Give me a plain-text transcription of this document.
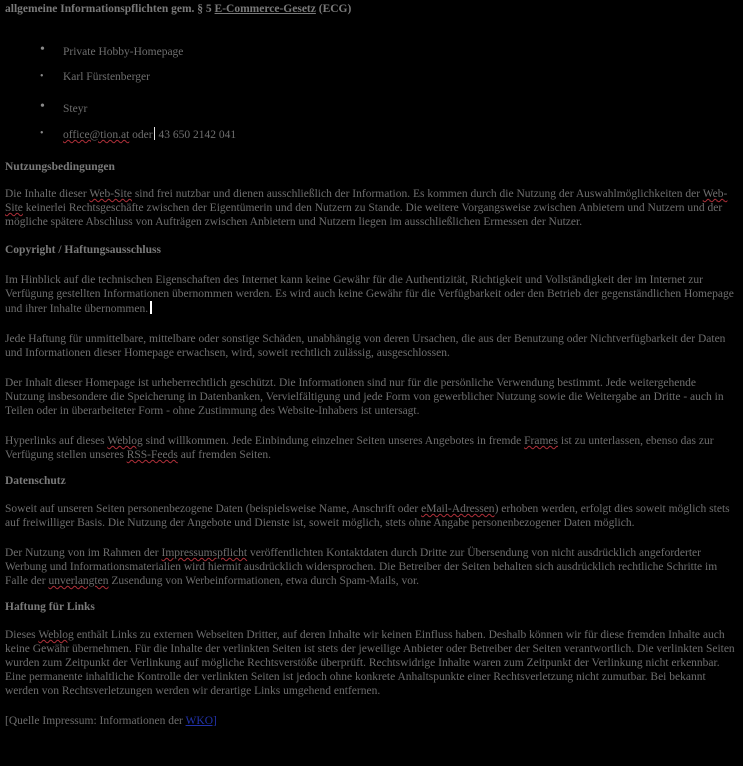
allgemeine Informationspflichten gem. § 5 E-Commerce-Gesetz (ECG)
• Private Hobby-Homepage
• Karl Fürstenberger
• Steyr
• office@tion.at oder 43 650 2142 041

Nutzungsbedingungen

Die Inhalte dieser Web-Site sind frei nutzbar und dienen ausschließlich der Information. Es kommen durch die Nutzung der Auswahlmöglichkeiten der Web-Site keinerlei Rechtsgeschäfte zwischen der Eigentümerin und den Nutzern zu Stande. Die weitere Vorgangsweise zwischen Anbietern und Nutzern und der mögliche spätere Abschluss von Aufträgen zwischen Anbietern und Nutzern liegen im ausschließlichen Ermessen der Nutzer.

Copyright / Haftungsausschluss

Im Hinblick auf die technischen Eigenschaften des Internet kann keine Gewähr für die Authentizität, Richtigkeit und Vollständigkeit der im Internet zur Verfügung gestellten Informationen übernommen werden. Es wird auch keine Gewähr für die Verfügbarkeit oder den Betrieb der gegenständlichen Homepage und ihrer Inhalte übernommen.

Jede Haftung für unmittelbare, mittelbare oder sonstige Schäden, unabhängig von deren Ursachen, die aus der Benutzung oder Nichtverfügbarkeit der Daten und Informationen dieser Homepage erwachsen, wird, soweit rechtlich zulässig, ausgeschlossen.

Der Inhalt dieser Homepage ist urheberrechtlich geschützt. Die Informationen sind nur für die persönliche Verwendung bestimmt. Jede weitergehende Nutzung insbesondere die Speicherung in Datenbanken, Vervielfältigung und jede Form von gewerblicher Nutzung sowie die Weitergabe an Dritte - auch in Teilen oder in überarbeiteter Form - ohne Zustimmung des Website-Inhabers ist untersagt.

Hyperlinks auf dieses Weblog sind willkommen. Jede Einbindung einzelner Seiten unseres Angebotes in fremde Frames ist zu unterlassen, ebenso das zur Verfügung stellen unseres RSS-Feeds auf fremden Seiten.

Datenschutz

Soweit auf unseren Seiten personenbezogene Daten (beispielsweise Name, Anschrift oder eMail-Adressen) erhoben werden, erfolgt dies soweit möglich stets auf freiwilliger Basis. Die Nutzung der Angebote und Dienste ist, soweit möglich, stets ohne Angabe personenbezogener Daten möglich.

Der Nutzung von im Rahmen der Impressumspflicht veröffentlichten Kontaktdaten durch Dritte zur Übersendung von nicht ausdrücklich angeforderter Werbung und Informationsmaterialien wird hiermit ausdrücklich widersprochen. Die Betreiber der Seiten behalten sich ausdrücklich rechtliche Schritte im Falle der unverlangten Zusendung von Werbeinformationen, etwa durch Spam-Mails, vor.

Haftung für Links

Dieses Weblog enthält Links zu externen Webseiten Dritter, auf deren Inhalte wir keinen Einfluss haben. Deshalb können wir für diese fremden Inhalte auch keine Gewähr übernehmen. Für die Inhalte der verlinkten Seiten ist stets der jeweilige Anbieter oder Betreiber der Seiten verantwortlich. Die verlinkten Seiten wurden zum Zeitpunkt der Verlinkung auf mögliche Rechtsverstöße überprüft. Rechtswidrige Inhalte waren zum Zeitpunkt der Verlinkung nicht erkennbar. Eine permanente inhaltliche Kontrolle der verlinkten Seiten ist jedoch ohne konkrete Anhaltspunkte einer Rechtsverletzung nicht zumutbar. Bei bekannt werden von Rechtsverletzungen werden wir derartige Links umgehend entfernen.

[Quelle Impressum: Informationen der WKO]
